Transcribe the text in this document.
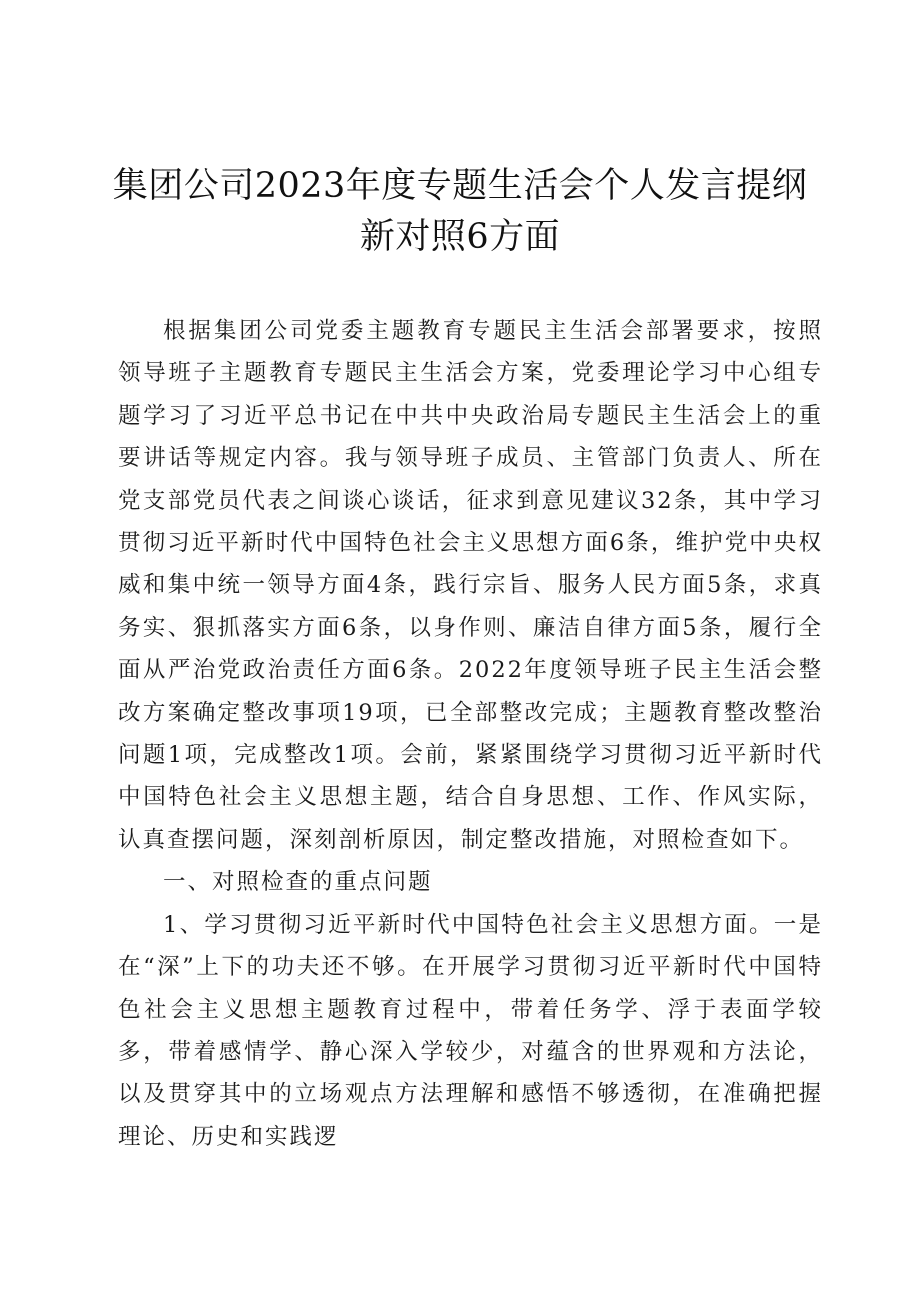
集团公司2023年度专题生活会个人发言提纲
新对照6方面

根据集团公司党委主题教育专题民主生活会部署要求，按照领导班子主题教育专题民主生活会方案，党委理论学习中心组专题学习了习近平总书记在中共中央政治局专题民主生活会上的重要讲话等规定内容。我与领导班子成员、主管部门负责人、所在党支部党员代表之间谈心谈话，征求到意见建议32条，其中学习贯彻习近平新时代中国特色社会主义思想方面6条，维护党中央权威和集中统一领导方面4条，践行宗旨、服务人民方面5条，求真务实、狠抓落实方面6条，以身作则、廉洁自律方面5条，履行全面从严治党政治责任方面6条。2022年度领导班子民主生活会整改方案确定整改事项19项，已全部整改完成；主题教育整改整治问题1项，完成整改1项。会前，紧紧围绕学习贯彻习近平新时代中国特色社会主义思想主题，结合自身思想、工作、作风实际，认真查摆问题，深刻剖析原因，制定整改措施，对照检查如下。

一、对照检查的重点问题

1、学习贯彻习近平新时代中国特色社会主义思想方面。一是在“深”上下的功夫还不够。在开展学习贯彻习近平新时代中国特色社会主义思想主题教育过程中，带着任务学、浮于表面学较多，带着感情学、静心深入学较少，对蕴含的世界观和方法论，以及贯穿其中的立场观点方法理解和感悟不够透彻，在准确把握理论、历史和实践逻
